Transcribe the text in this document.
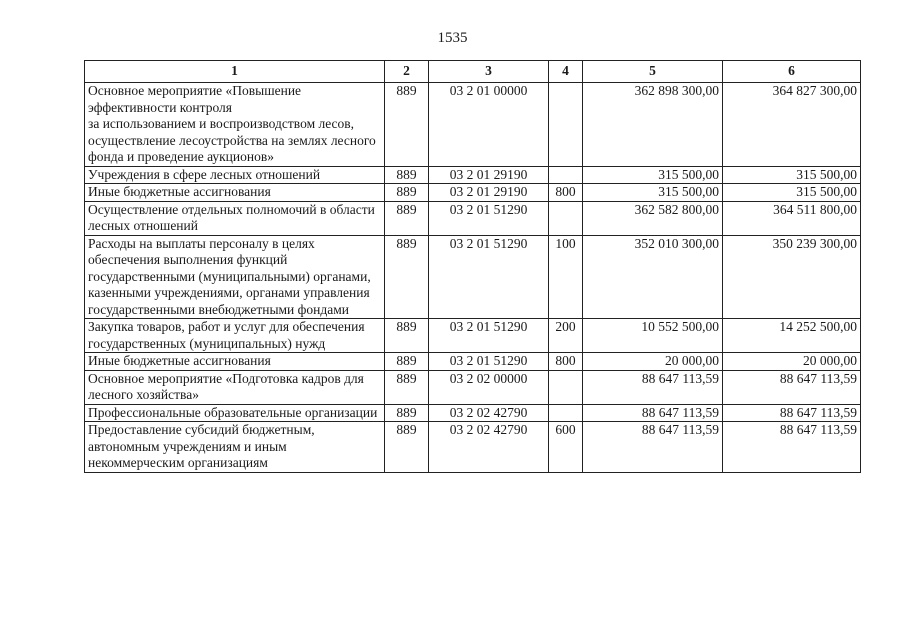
1535
1	2	3	4	5	6
Основное мероприятие «Повышение эффективности контроля
за использованием и воспроизводством лесов, осуществление лесоустройства на землях лесного фонда и проведение аукционов»	889	03 2 01 00000		362 898 300,00	364 827 300,00
Учреждения в сфере лесных отношений	889	03 2 01 29190		315 500,00	315 500,00
Иные бюджетные ассигнования	889	03 2 01 29190	800	315 500,00	315 500,00
Осуществление отдельных полномочий в области лесных отношений	889	03 2 01 51290		362 582 800,00	364 511 800,00
Расходы на выплаты персоналу в целях обеспечения выполнения функций государственными (муниципальными) органами, казенными учреждениями, органами управления государственными внебюджетными фондами	889	03 2 01 51290	100	352 010 300,00	350 239 300,00
Закупка товаров, работ и услуг для обеспечения государственных (муниципальных) нужд	889	03 2 01 51290	200	10 552 500,00	14 252 500,00
Иные бюджетные ассигнования	889	03 2 01 51290	800	20 000,00	20 000,00
Основное мероприятие «Подготовка кадров для лесного хозяйства»	889	03 2 02 00000		88 647 113,59	88 647 113,59
Профессиональные образовательные организации	889	03 2 02 42790		88 647 113,59	88 647 113,59
Предоставление субсидий бюджетным, автономным учреждениям и иным некоммерческим организациям	889	03 2 02 42790	600	88 647 113,59	88 647 113,59
